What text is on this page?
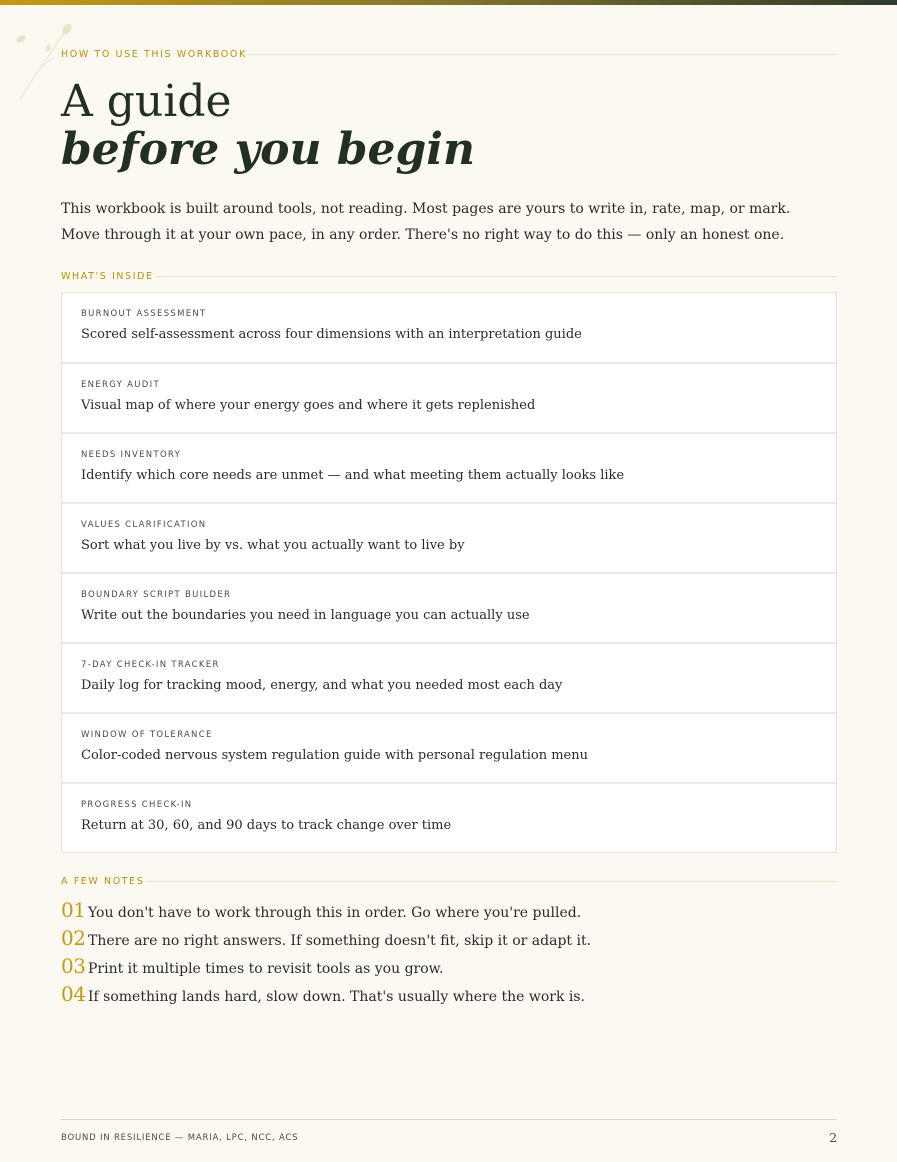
HOW TO USE THIS WORKBOOK
A guide
before you begin

This workbook is built around tools, not reading. Most pages are yours to write in, rate, map, or mark. Move through it at your own pace, in any order. There's no right way to do this — only an honest one.

WHAT'S INSIDE
BURNOUT ASSESSMENT
Scored self-assessment across four dimensions with an interpretation guide
ENERGY AUDIT
Visual map of where your energy goes and where it gets replenished
NEEDS INVENTORY
Identify which core needs are unmet — and what meeting them actually looks like
VALUES CLARIFICATION
Sort what you live by vs. what you actually want to live by
BOUNDARY SCRIPT BUILDER
Write out the boundaries you need in language you can actually use
7-DAY CHECK-IN TRACKER
Daily log for tracking mood, energy, and what you needed most each day
WINDOW OF TOLERANCE
Color-coded nervous system regulation guide with personal regulation menu
PROGRESS CHECK-IN
Return at 30, 60, and 90 days to track change over time
A FEW NOTES
01 You don't have to work through this in order. Go where you're pulled.
02 There are no right answers. If something doesn't fit, skip it or adapt it.
03 Print it multiple times to revisit tools as you grow.
04 If something lands hard, slow down. That's usually where the work is.
BOUND IN RESILIENCE — MARIA, LPC, NCC, ACS	2
